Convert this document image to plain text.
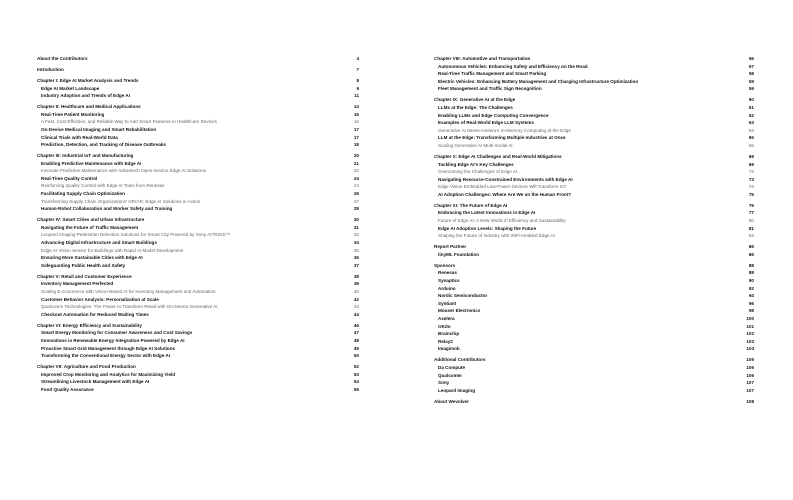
About the Contributors	4
Introduction	7
Chapter I: Edge AI Market Analysis and Trends	8
Edge AI Market Landscape	9
Industry Adoption and Trends of Edge AI	11
Chapter II: Healthcare and Medical Applications	14
Real-Time Patient Monitoring	15
A Fast, Cost-Effective, and Reliable Way to Add Smart Features to Healthcare Devices	16
On-Device Medical Imaging and Smart Rehabilitation	17
Clinical Trials with Real-World Data	17
Prediction, Detection, and Tracking of Disease Outbreaks	18
Chapter III: Industrial IoT and Manufacturing	20
Enabling Predictive Maintenance with Edge AI	21
Innovate Predictive Maintenance with Advantech Open-Source Edge AI Solutions	22
Real-Time Quality Control	24
Reinforcing Quality Control with Edge AI Tools from Renesas	24
Facilitating Supply Chain Optimization	26
Transforming Supply Chain Organizations' OR/AR: Edge AI Solutions in Action	27
Human-Robot Collaboration and Worker Safety and Training	28
Chapter IV: Smart Cities and Urban Infrastructure	30
Navigating the Future of Traffic Management	31
Leopard Imaging Pedestrian Detection Solutions for Smart City Powered by Sony AITRIOS™	32
Advancing Digital Infrastructure and Smart Buildings	34
Edge AI Vision Sensor for Buildings with Rapid AI Model Development	35
Ensuring More Sustainable Cities with Edge AI	36
Safeguarding Public Health and Safety	37
Chapter V: Retail and Customer Experience	38
Inventory Management Perfected	39
Scaling E-Commerce with Vision-Based AI for Inventory Management and Automation	40
Customer Behavior Analysis: Personalization at Scale	42
Qualcomm Technologies: The Power to Transform Retail with On-Device Generative AI	43
Checkout Automation for Reduced Waiting Times	44
Chapter VI: Energy Efficiency and Sustainability	46
Smart Energy Monitoring for Consumer Awareness and Cost Savings	47
Innovations in Renewable Energy Integration Powered by Edge AI	48
Proactive Smart Grid Management through Edge AI Solutions	49
Transforming the Conventional Energy Sector with Edge AI	50
Chapter VII: Agriculture and Food Production	52
Improved Crop Monitoring and Analytics for Maximizing Yield	53
Streamlining Livestock Management with Edge AI	54
Food Quality Assurance	55
Chapter VIII: Automotive and Transportation	56
Autonomous Vehicles: Enhancing Safety and Efficiency on the Road	57
Real-Time Traffic Management and Smart Parking	58
Electric Vehicles: Enhancing Battery Management and Charging Infrastructure Optimization	59
Fleet Management and Traffic Sign Recognition	59
Chapter IX: Generative AI at the Edge	60
LLMs at the Edge: The Challenges	61
Enabling LLMs and Edge Computing Convergence	62
Examples of Real-World Edge LLM Systems	63
Generative AI Meets Axelera's In-Memory Computing at the Edge	64
LLM at the Edge: Transforming Multiple Industries at Once	65
Scaling Generative AI Multi-modal AI	66
Chapter X: Edge AI Challenges and Real-World Mitigations	68
Tackling Edge AI's Key Challenges	69
Overcoming the Challenges of Edge AI	72
Navigating Resource-Constrained Environments with Edge AI	73
Edge Vision Embedded Low-Power Devices Will Transform IoT	74
AI Adoption Challenges: Where Are We on the Human Front?	75
Chapter XI: The Future of Edge AI	76
Embracing the Latest Innovations in Edge AI	77
Future of Edge AI: A New World of Efficiency and Sustainability	80
Edge AI Adoption Levels: Shaping the Future	81
Shaping the Future of Industry with WiFi-enabled Edge AI	83
Report Partner	86
tinyML Foundation	86
Sponsors	88
Renesas	88
Synaptics	90
Arduino	92
Nordic Semiconductor	94
Syntiant	96
Mouser Electronics	98
Axelera	100
OKdo	101
Brainchip	102
Relay2	103
Imagimob	104
Additional Contributors	106
Da Compute	106
Qualcomm	106
Sony	107
Leopard Imaging	107
About Wevolver	108
